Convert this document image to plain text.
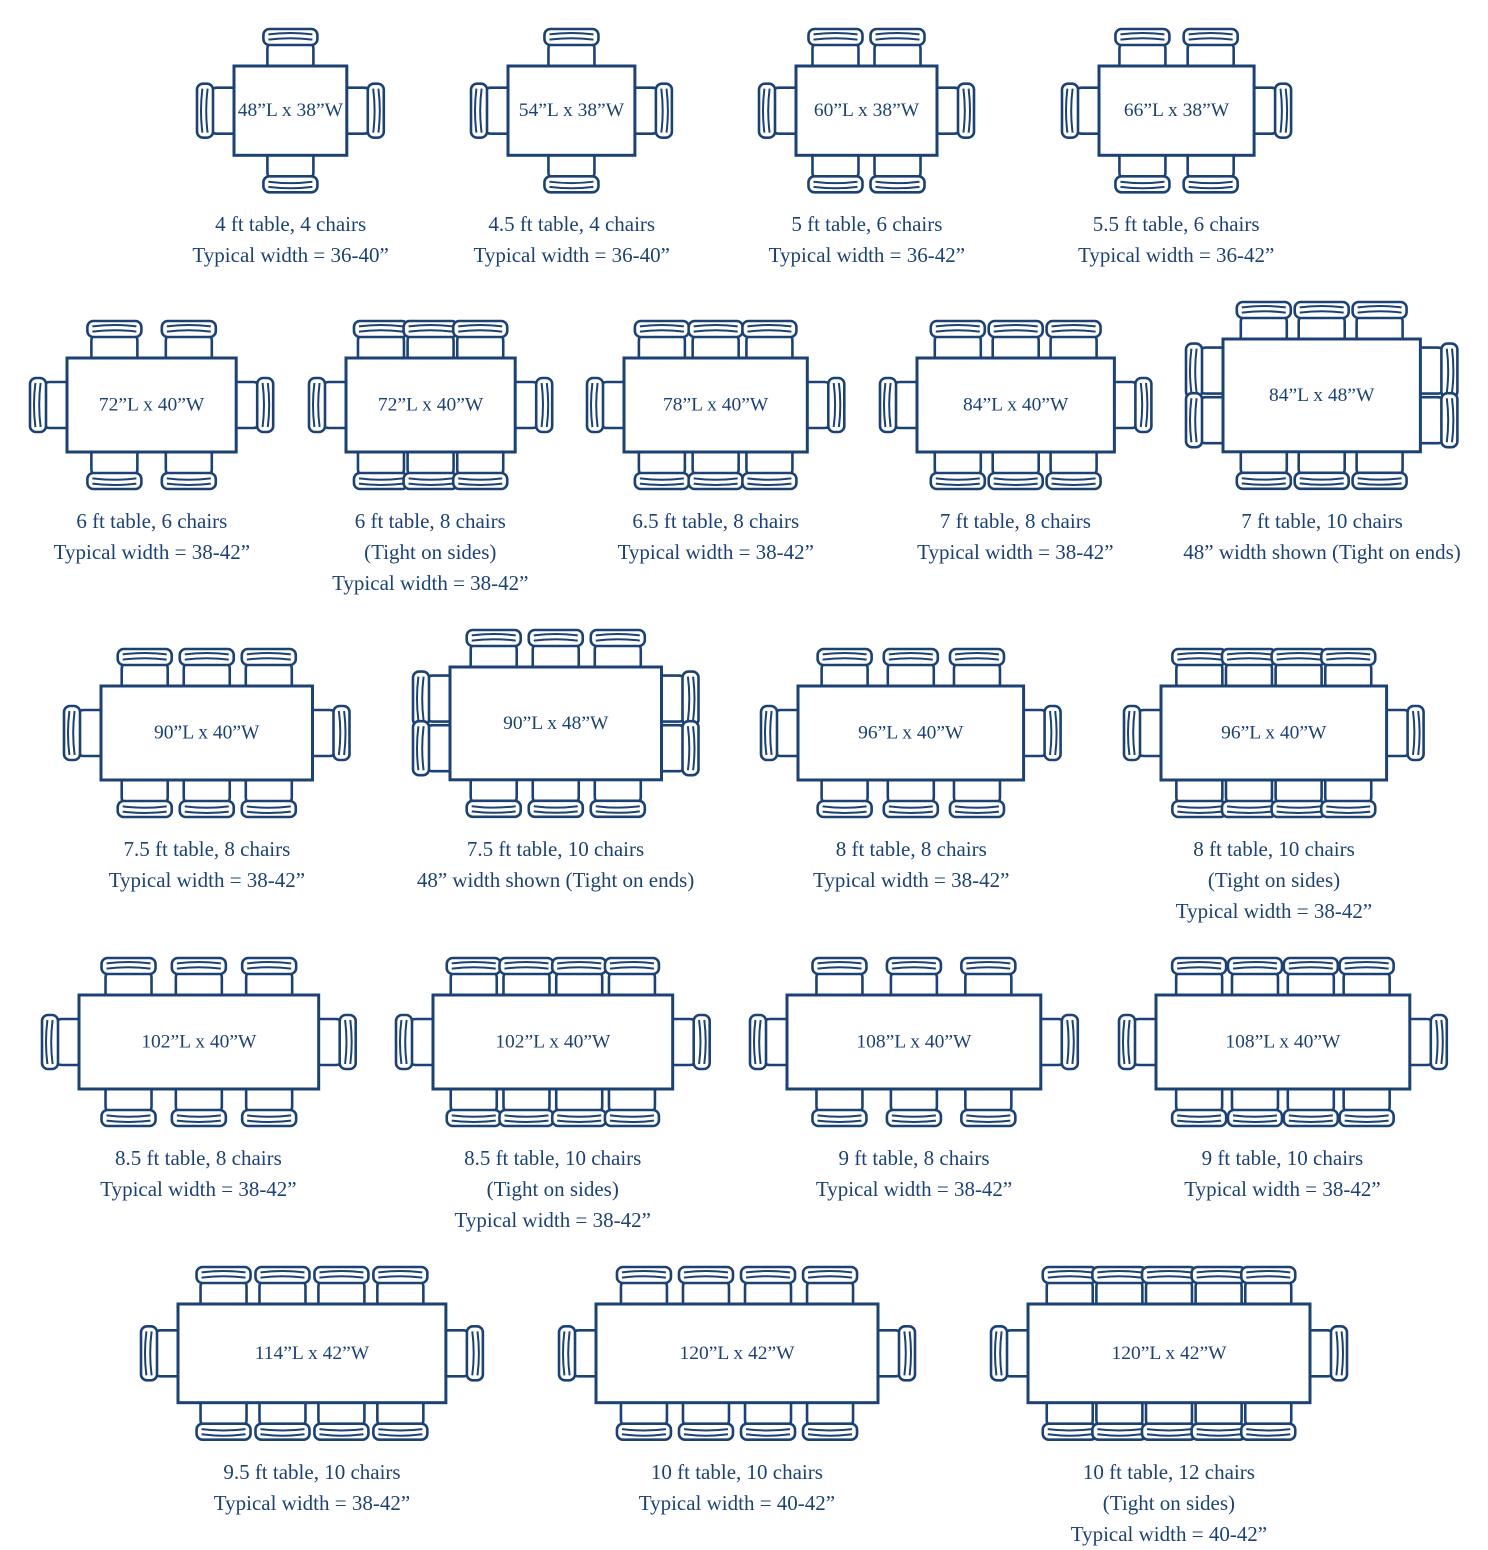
48”L x 38”W
4 ft table, 4 chairs
Typical width = 36-40”
54”L x 38”W
4.5 ft table, 4 chairs
Typical width = 36-40”
60”L x 38”W
5 ft table, 6 chairs
Typical width = 36-42”
66”L x 38”W
5.5 ft table, 6 chairs
Typical width = 36-42”
72”L x 40”W
6 ft table, 6 chairs
Typical width = 38-42”
72”L x 40”W
6 ft table, 8 chairs
(Tight on sides)
Typical width = 38-42”
78”L x 40”W
6.5 ft table, 8 chairs
Typical width = 38-42”
84”L x 40”W
7 ft table, 8 chairs
Typical width = 38-42”
84”L x 48”W
7 ft table, 10 chairs
48” width shown (Tight on ends)
90”L x 40”W
7.5 ft table, 8 chairs
Typical width = 38-42”
90”L x 48”W
7.5 ft table, 10 chairs
48” width shown (Tight on ends)
96”L x 40”W
8 ft table, 8 chairs
Typical width = 38-42”
96”L x 40”W
8 ft table, 10 chairs
(Tight on sides)
Typical width = 38-42”
102”L x 40”W
8.5 ft table, 8 chairs
Typical width = 38-42”
102”L x 40”W
8.5 ft table, 10 chairs
(Tight on sides)
Typical width = 38-42”
108”L x 40”W
9 ft table, 8 chairs
Typical width = 38-42”
108”L x 40”W
9 ft table, 10 chairs
Typical width = 38-42”
114”L x 42”W
9.5 ft table, 10 chairs
Typical width = 38-42”
120”L x 42”W
10 ft table, 10 chairs
Typical width = 40-42”
120”L x 42”W
10 ft table, 12 chairs
(Tight on sides)
Typical width = 40-42”
